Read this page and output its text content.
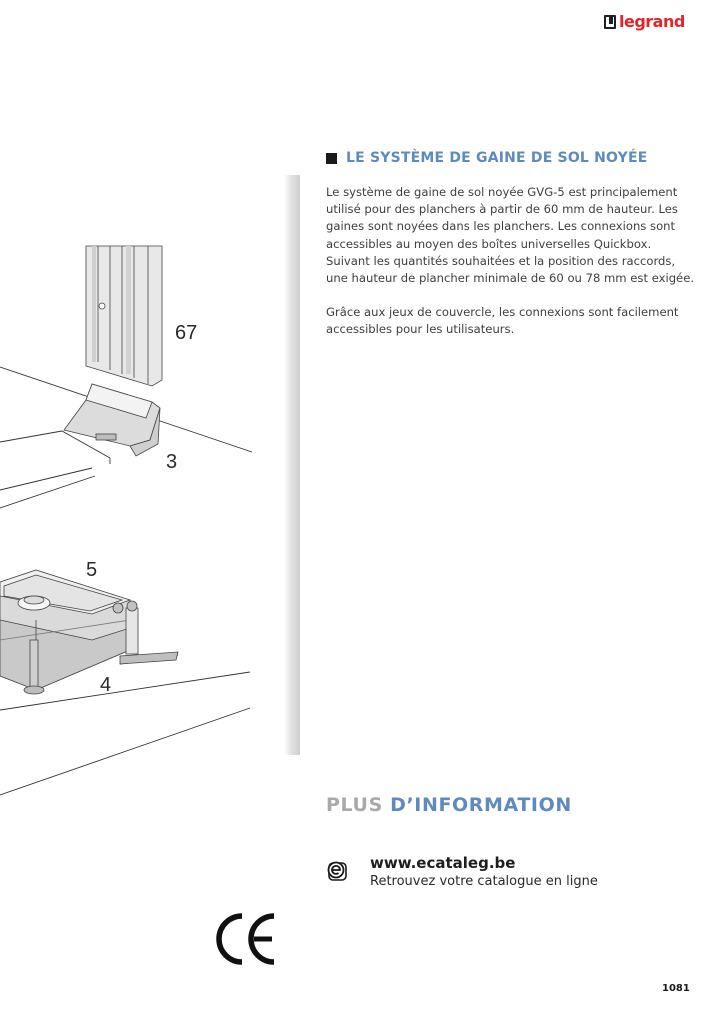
legrand
67
3
5
4
LE SYSTÈME DE GAINE DE SOL NOYÉE

Le système de gaine de sol noyée GVG-5 est principalement utilisé pour des planchers à partir de 60 mm de hauteur. Les gaines sont noyées dans les planchers. Les connexions sont accessibles au moyen des boîtes universelles Quickbox. Suivant les quantités souhaitées et la position des raccords, une hauteur de plancher minimale de 60 ou 78 mm est exigée.

Grâce aux jeux de couvercle, les connexions sont facilement accessibles pour les utilisateurs.

PLUS D’INFORMATION
www.ecataleg.be
Retrouvez votre catalogue en ligne
1081
